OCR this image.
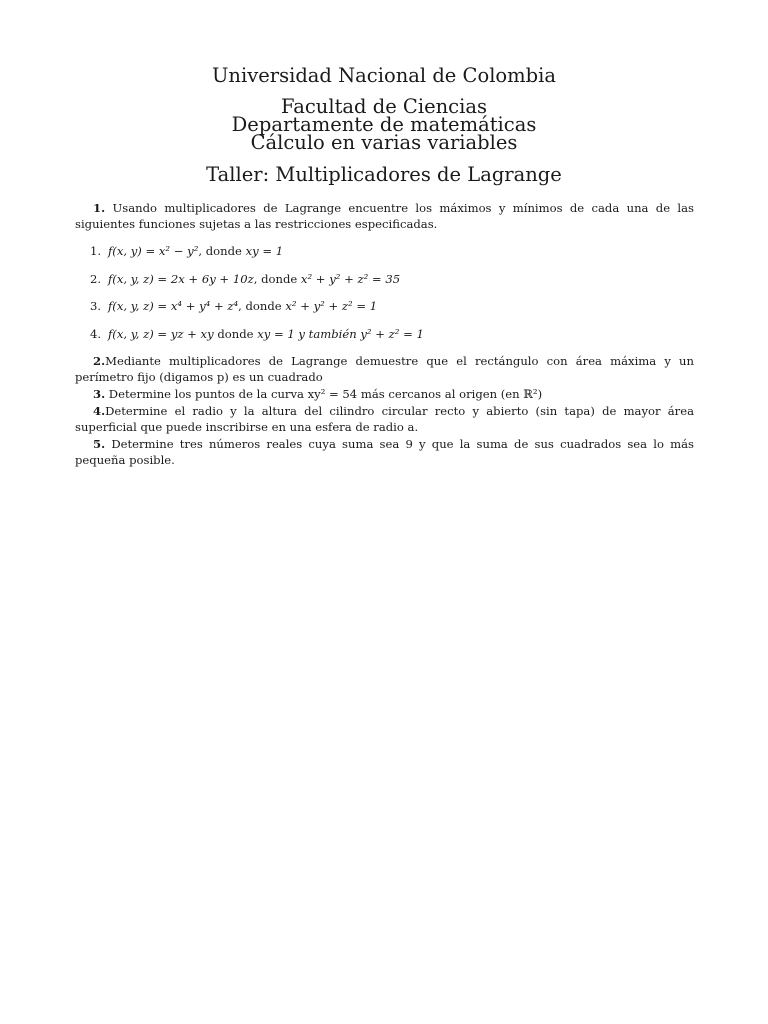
Universidad Nacional de Colombia
Facultad de Ciencias
Departamente de matemáticas
Cálculo en varias variables
Taller: Multiplicadores de Lagrange
1. Usando multiplicadores de Lagrange encuentre los máximos y mínimos de cada una de las siguientes funciones sujetas a las restricciones especificadas.
1. f(x, y) = x² − y², donde xy = 1
2. f(x, y, z) = 2x + 6y + 10z, donde x² + y² + z² = 35
3. f(x, y, z) = x⁴ + y⁴ + z⁴, donde x² + y² + z² = 1
4. f(x, y, z) = yz + xy donde xy = 1 y también y² + z² = 1
2.Mediante multiplicadores de Lagrange demuestre que el rectángulo con área máxima y un perímetro fijo (digamos p) es un cuadrado
3. Determine los puntos de la curva xy² = 54 más cercanos al origen (en ℝ²)
4.Determine el radio y la altura del cilindro circular recto y abierto (sin tapa) de mayor área superficial que puede inscribirse en una esfera de radio a.
5. Determine tres números reales cuya suma sea 9 y que la suma de sus cuadrados sea lo más pequeña posible.
